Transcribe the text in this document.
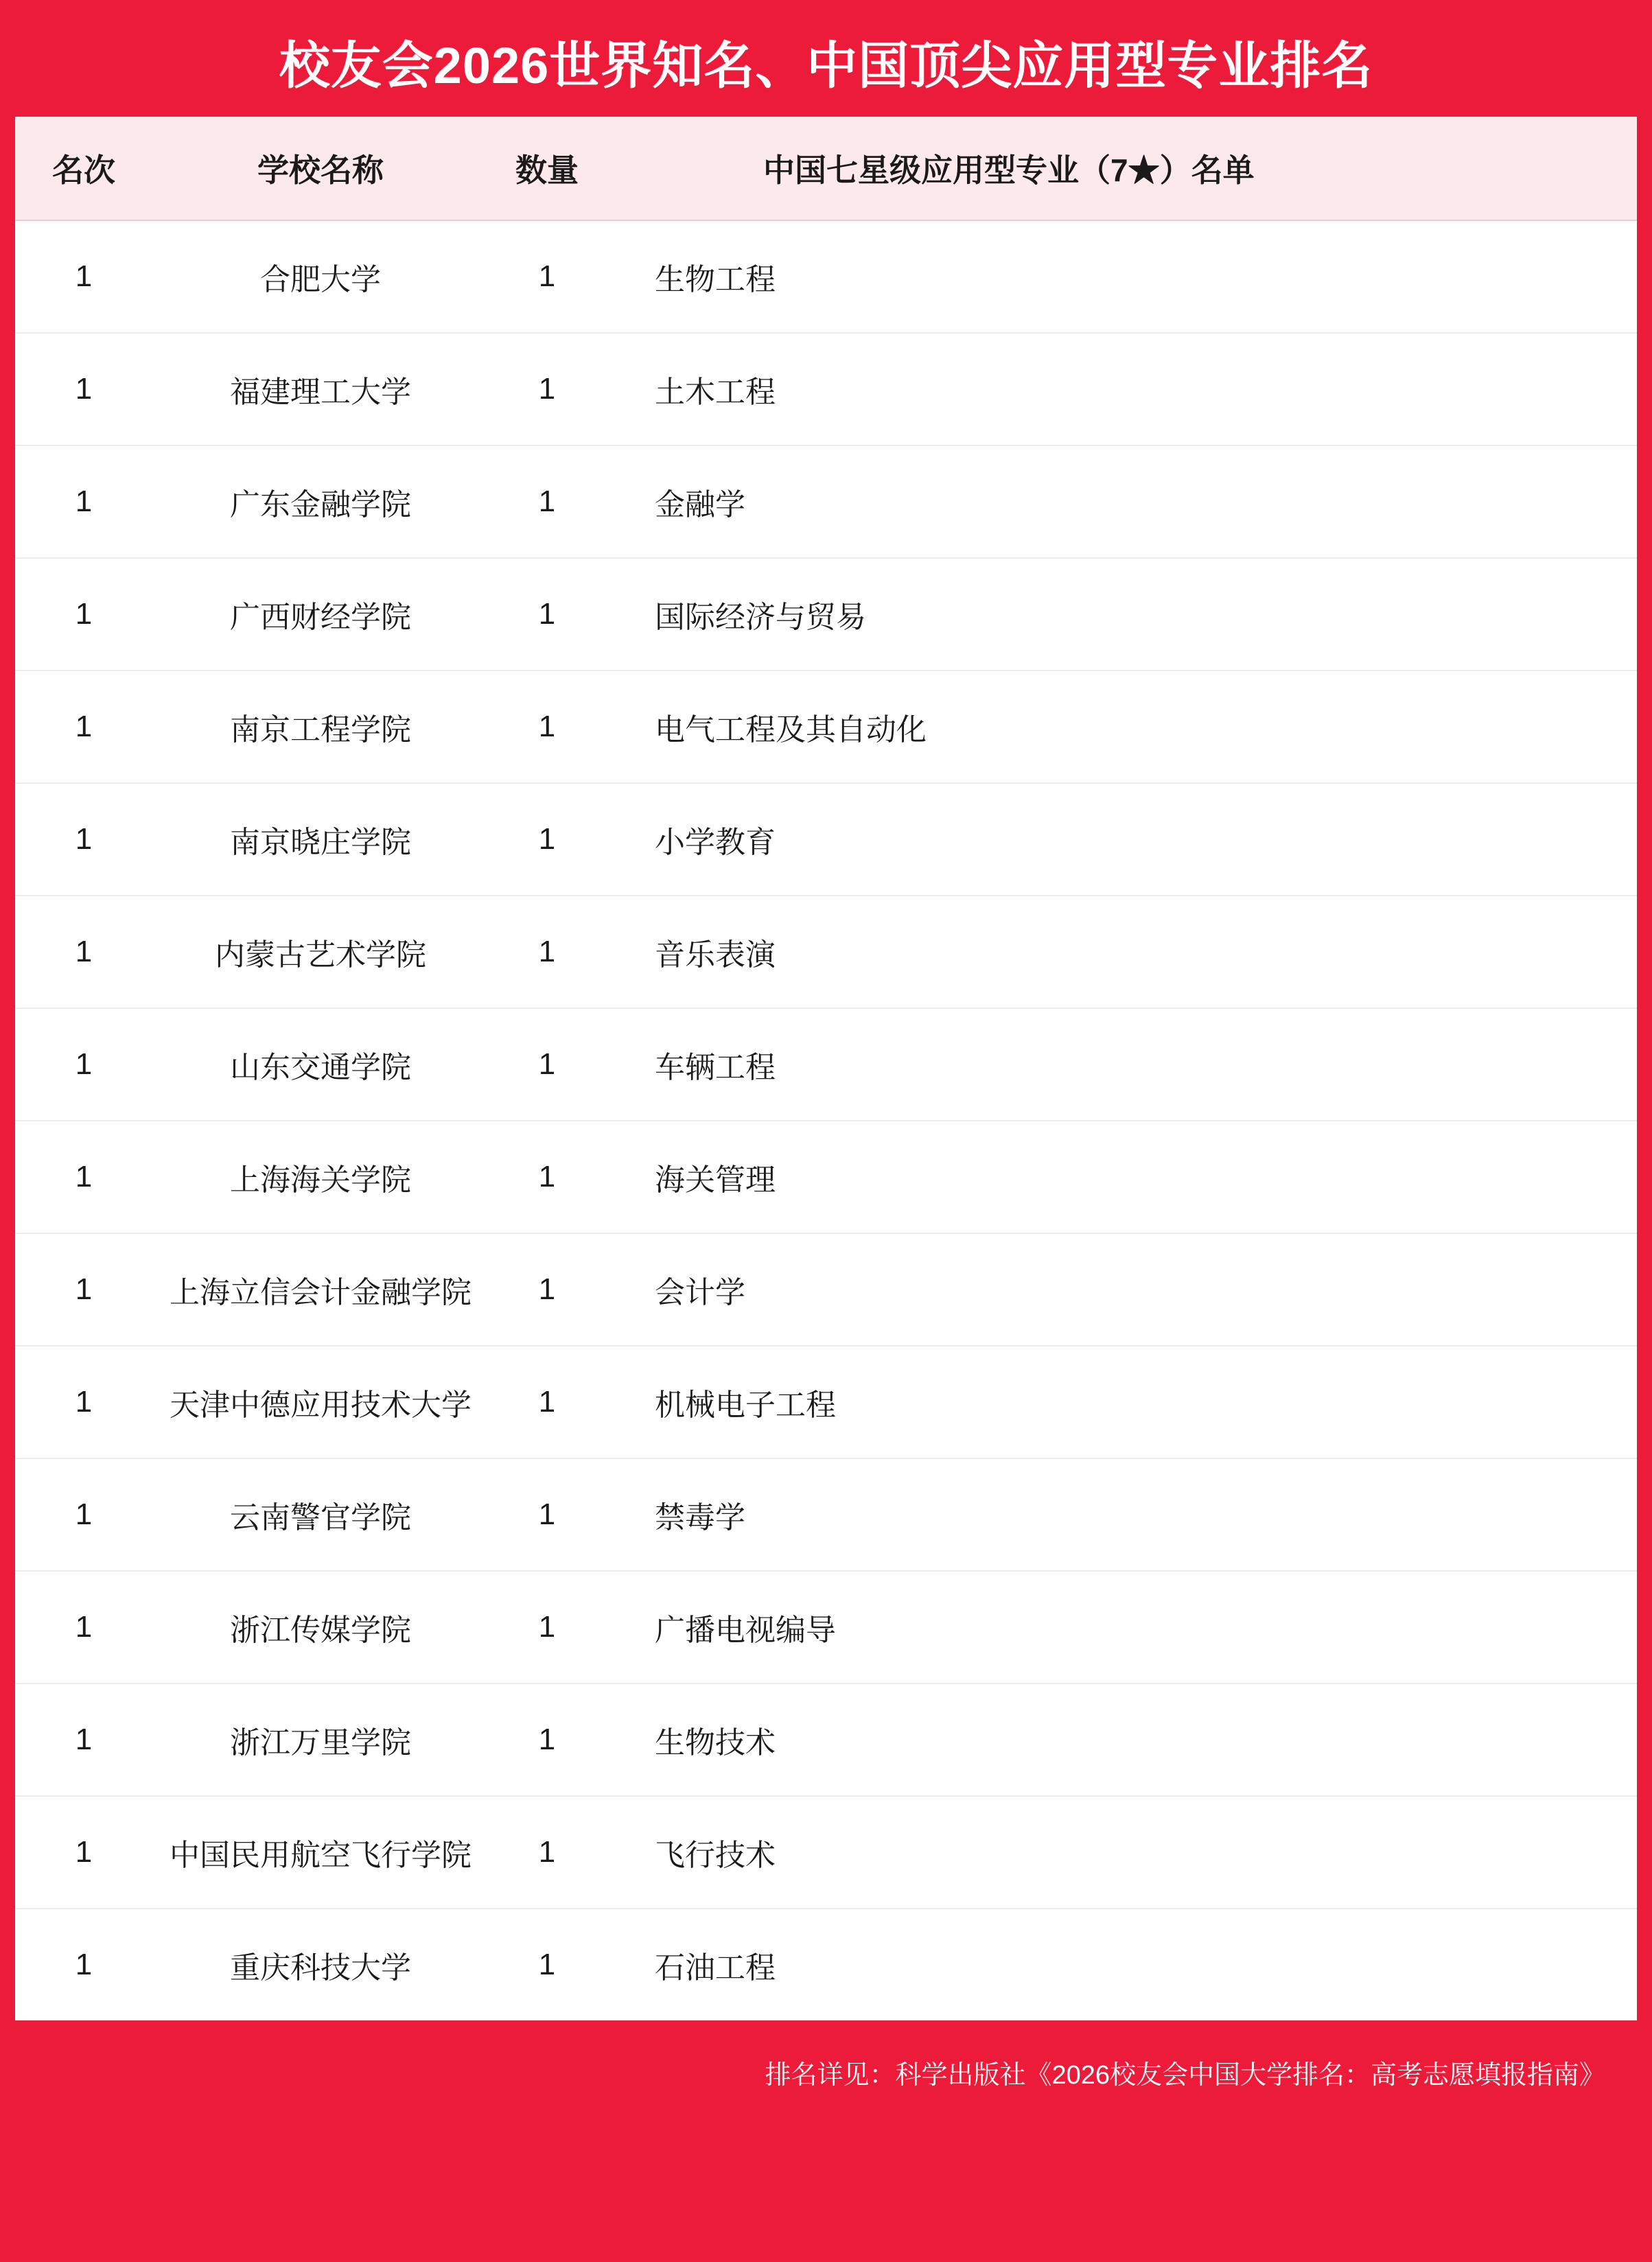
校友会2026世界知名、中国顶尖应用型专业排名
名次	学校名称	数量	中国七星级应用型专业（7★）名单
1	合肥大学	1	生物工程
1	福建理工大学	1	土木工程
1	广东金融学院	1	金融学
1	广西财经学院	1	国际经济与贸易
1	南京工程学院	1	电气工程及其自动化
1	南京晓庄学院	1	小学教育
1	内蒙古艺术学院	1	音乐表演
1	山东交通学院	1	车辆工程
1	上海海关学院	1	海关管理
1	上海立信会计金融学院	1	会计学
1	天津中德应用技术大学	1	机械电子工程
1	云南警官学院	1	禁毒学
1	浙江传媒学院	1	广播电视编导
1	浙江万里学院	1	生物技术
1	中国民用航空飞行学院	1	飞行技术
1	重庆科技大学	1	石油工程
排名详见：科学出版社《2026校友会中国大学排名：高考志愿填报指南》
